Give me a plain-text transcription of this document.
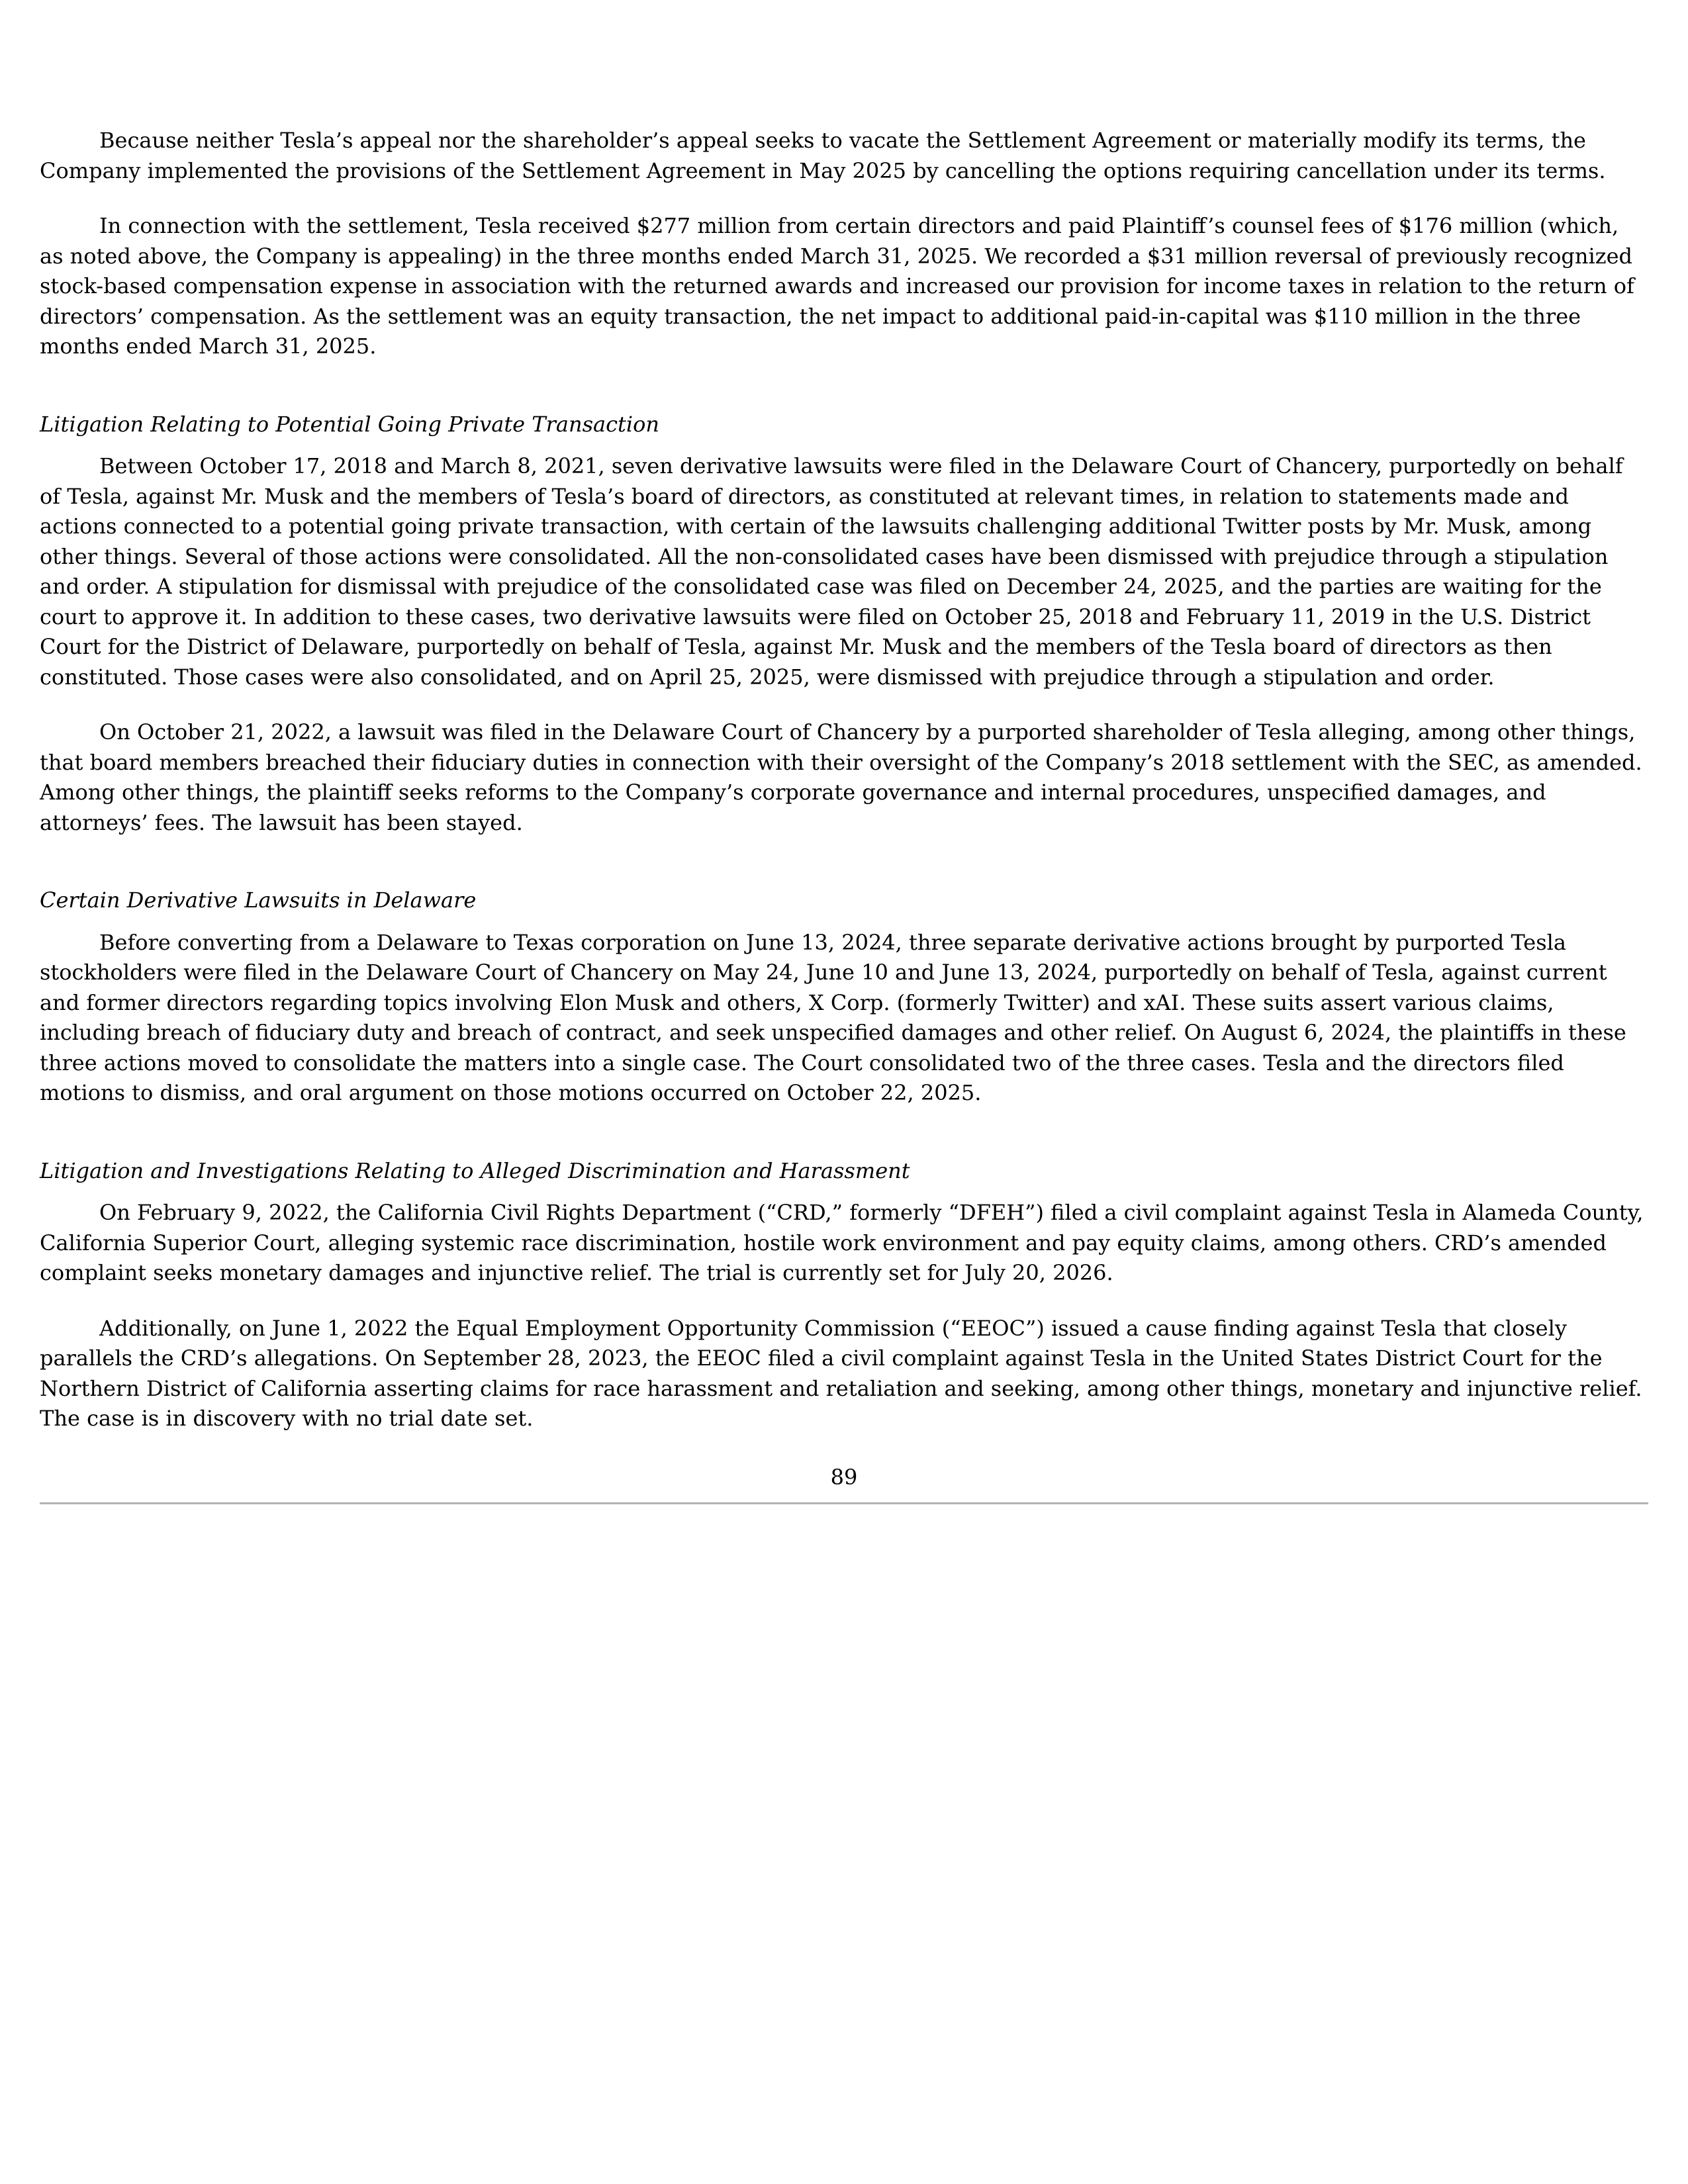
Because neither Tesla’s appeal nor the shareholder’s appeal seeks to vacate the Settlement Agreement or materially modify its terms, the Company implemented the provisions of the Settlement Agreement in May 2025 by cancelling the options requiring cancellation under its terms.

In connection with the settlement, Tesla received $277 million from certain directors and paid Plaintiff’s counsel fees of $176 million (which, as noted above, the Company is appealing) in the three months ended March 31, 2025. We recorded a $31 million reversal of previously recognized stock-based compensation expense in association with the returned awards and increased our provision for income taxes in relation to the return of directors’ compensation. As the settlement was an equity transaction, the net impact to additional paid-in-capital was $110 million in the three months ended March 31, 2025.

Litigation Relating to Potential Going Private Transaction

Between October 17, 2018 and March 8, 2021, seven derivative lawsuits were filed in the Delaware Court of Chancery, purportedly on behalf of Tesla, against Mr. Musk and the members of Tesla’s board of directors, as constituted at relevant times, in relation to statements made and actions connected to a potential going private transaction, with certain of the lawsuits challenging additional Twitter posts by Mr. Musk, among other things. Several of those actions were consolidated. All the non-consolidated cases have been dismissed with prejudice through a stipulation and order. A stipulation for dismissal with prejudice of the consolidated case was filed on December 24, 2025, and the parties are waiting for the court to approve it. In addition to these cases, two derivative lawsuits were filed on October 25, 2018 and February 11, 2019 in the U.S. District Court for the District of Delaware, purportedly on behalf of Tesla, against Mr. Musk and the members of the Tesla board of directors as then constituted. Those cases were also consolidated, and on April 25, 2025, were dismissed with prejudice through a stipulation and order.

On October 21, 2022, a lawsuit was filed in the Delaware Court of Chancery by a purported shareholder of Tesla alleging, among other things, that board members breached their fiduciary duties in connection with their oversight of the Company’s 2018 settlement with the SEC, as amended. Among other things, the plaintiff seeks reforms to the Company’s corporate governance and internal procedures, unspecified damages, and attorneys’ fees. The lawsuit has been stayed.

Certain Derivative Lawsuits in Delaware

Before converting from a Delaware to Texas corporation on June 13, 2024, three separate derivative actions brought by purported Tesla stockholders were filed in the Delaware Court of Chancery on May 24, June 10 and June 13, 2024, purportedly on behalf of Tesla, against current and former directors regarding topics involving Elon Musk and others, X Corp. (formerly Twitter) and xAI. These suits assert various claims, including breach of fiduciary duty and breach of contract, and seek unspecified damages and other relief. On August 6, 2024, the plaintiffs in these three actions moved to consolidate the matters into a single case. The Court consolidated two of the three cases. Tesla and the directors filed motions to dismiss, and oral argument on those motions occurred on October 22, 2025.

Litigation and Investigations Relating to Alleged Discrimination and Harassment

On February 9, 2022, the California Civil Rights Department (“CRD,” formerly “DFEH”) filed a civil complaint against Tesla in Alameda County, California Superior Court, alleging systemic race discrimination, hostile work environment and pay equity claims, among others. CRD’s amended complaint seeks monetary damages and injunctive relief. The trial is currently set for July 20, 2026.

Additionally, on June 1, 2022 the Equal Employment Opportunity Commission (“EEOC”) issued a cause finding against Tesla that closely parallels the CRD’s allegations. On September 28, 2023, the EEOC filed a civil complaint against Tesla in the United States District Court for the Northern District of California asserting claims for race harassment and retaliation and seeking, among other things, monetary and injunctive relief. The case is in discovery with no trial date set.

89
